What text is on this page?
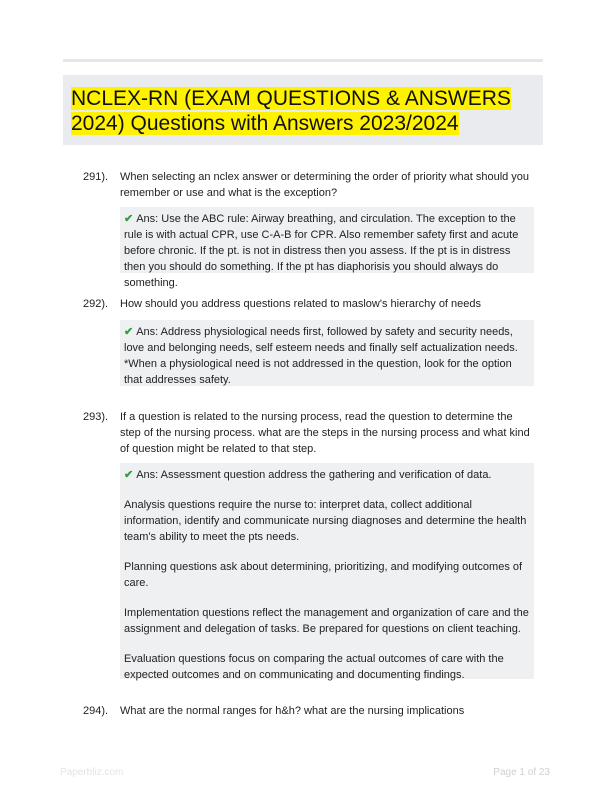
NCLEX-RN (EXAM QUESTIONS & ANSWERS 2024) Questions with Answers 2023/2024
291). When selecting an nclex answer or determining the order of priority what should you remember or use and what is the exception?

✔ Ans: Use the ABC rule: Airway breathing, and circulation. The exception to the rule is with actual CPR, use C-A-B for CPR. Also remember safety first and acute before chronic. If the pt. is not in distress then you assess. If the pt is in distress then you should do something. If the pt has diaphorisis you should always do something.

292). How should you address questions related to maslow's hierarchy of needs

✔ Ans: Address physiological needs first, followed by safety and security needs, love and belonging needs, self esteem needs and finally self actualization needs. *When a physiological need is not addressed in the question, look for the option that addresses safety.

293). If a question is related to the nursing process, read the question to determine the step of the nursing process. what are the steps in the nursing process and what kind of question might be related to that step.

✔ Ans: Assessment question address the gathering and verification of data.

Analysis questions require the nurse to: interpret data, collect additional information, identify and communicate nursing diagnoses and determine the health team's ability to meet the pts needs.

Planning questions ask about determining, prioritizing, and modifying outcomes of care.

Implementation questions reflect the management and organization of care and the assignment and delegation of tasks. Be prepared for questions on client teaching.

Evaluation questions focus on comparing the actual outcomes of care with the expected outcomes and on communicating and documenting findings.

294). What are the normal ranges for h&h? what are the nursing implications
Paperbliz.com	Page 1 of 23
